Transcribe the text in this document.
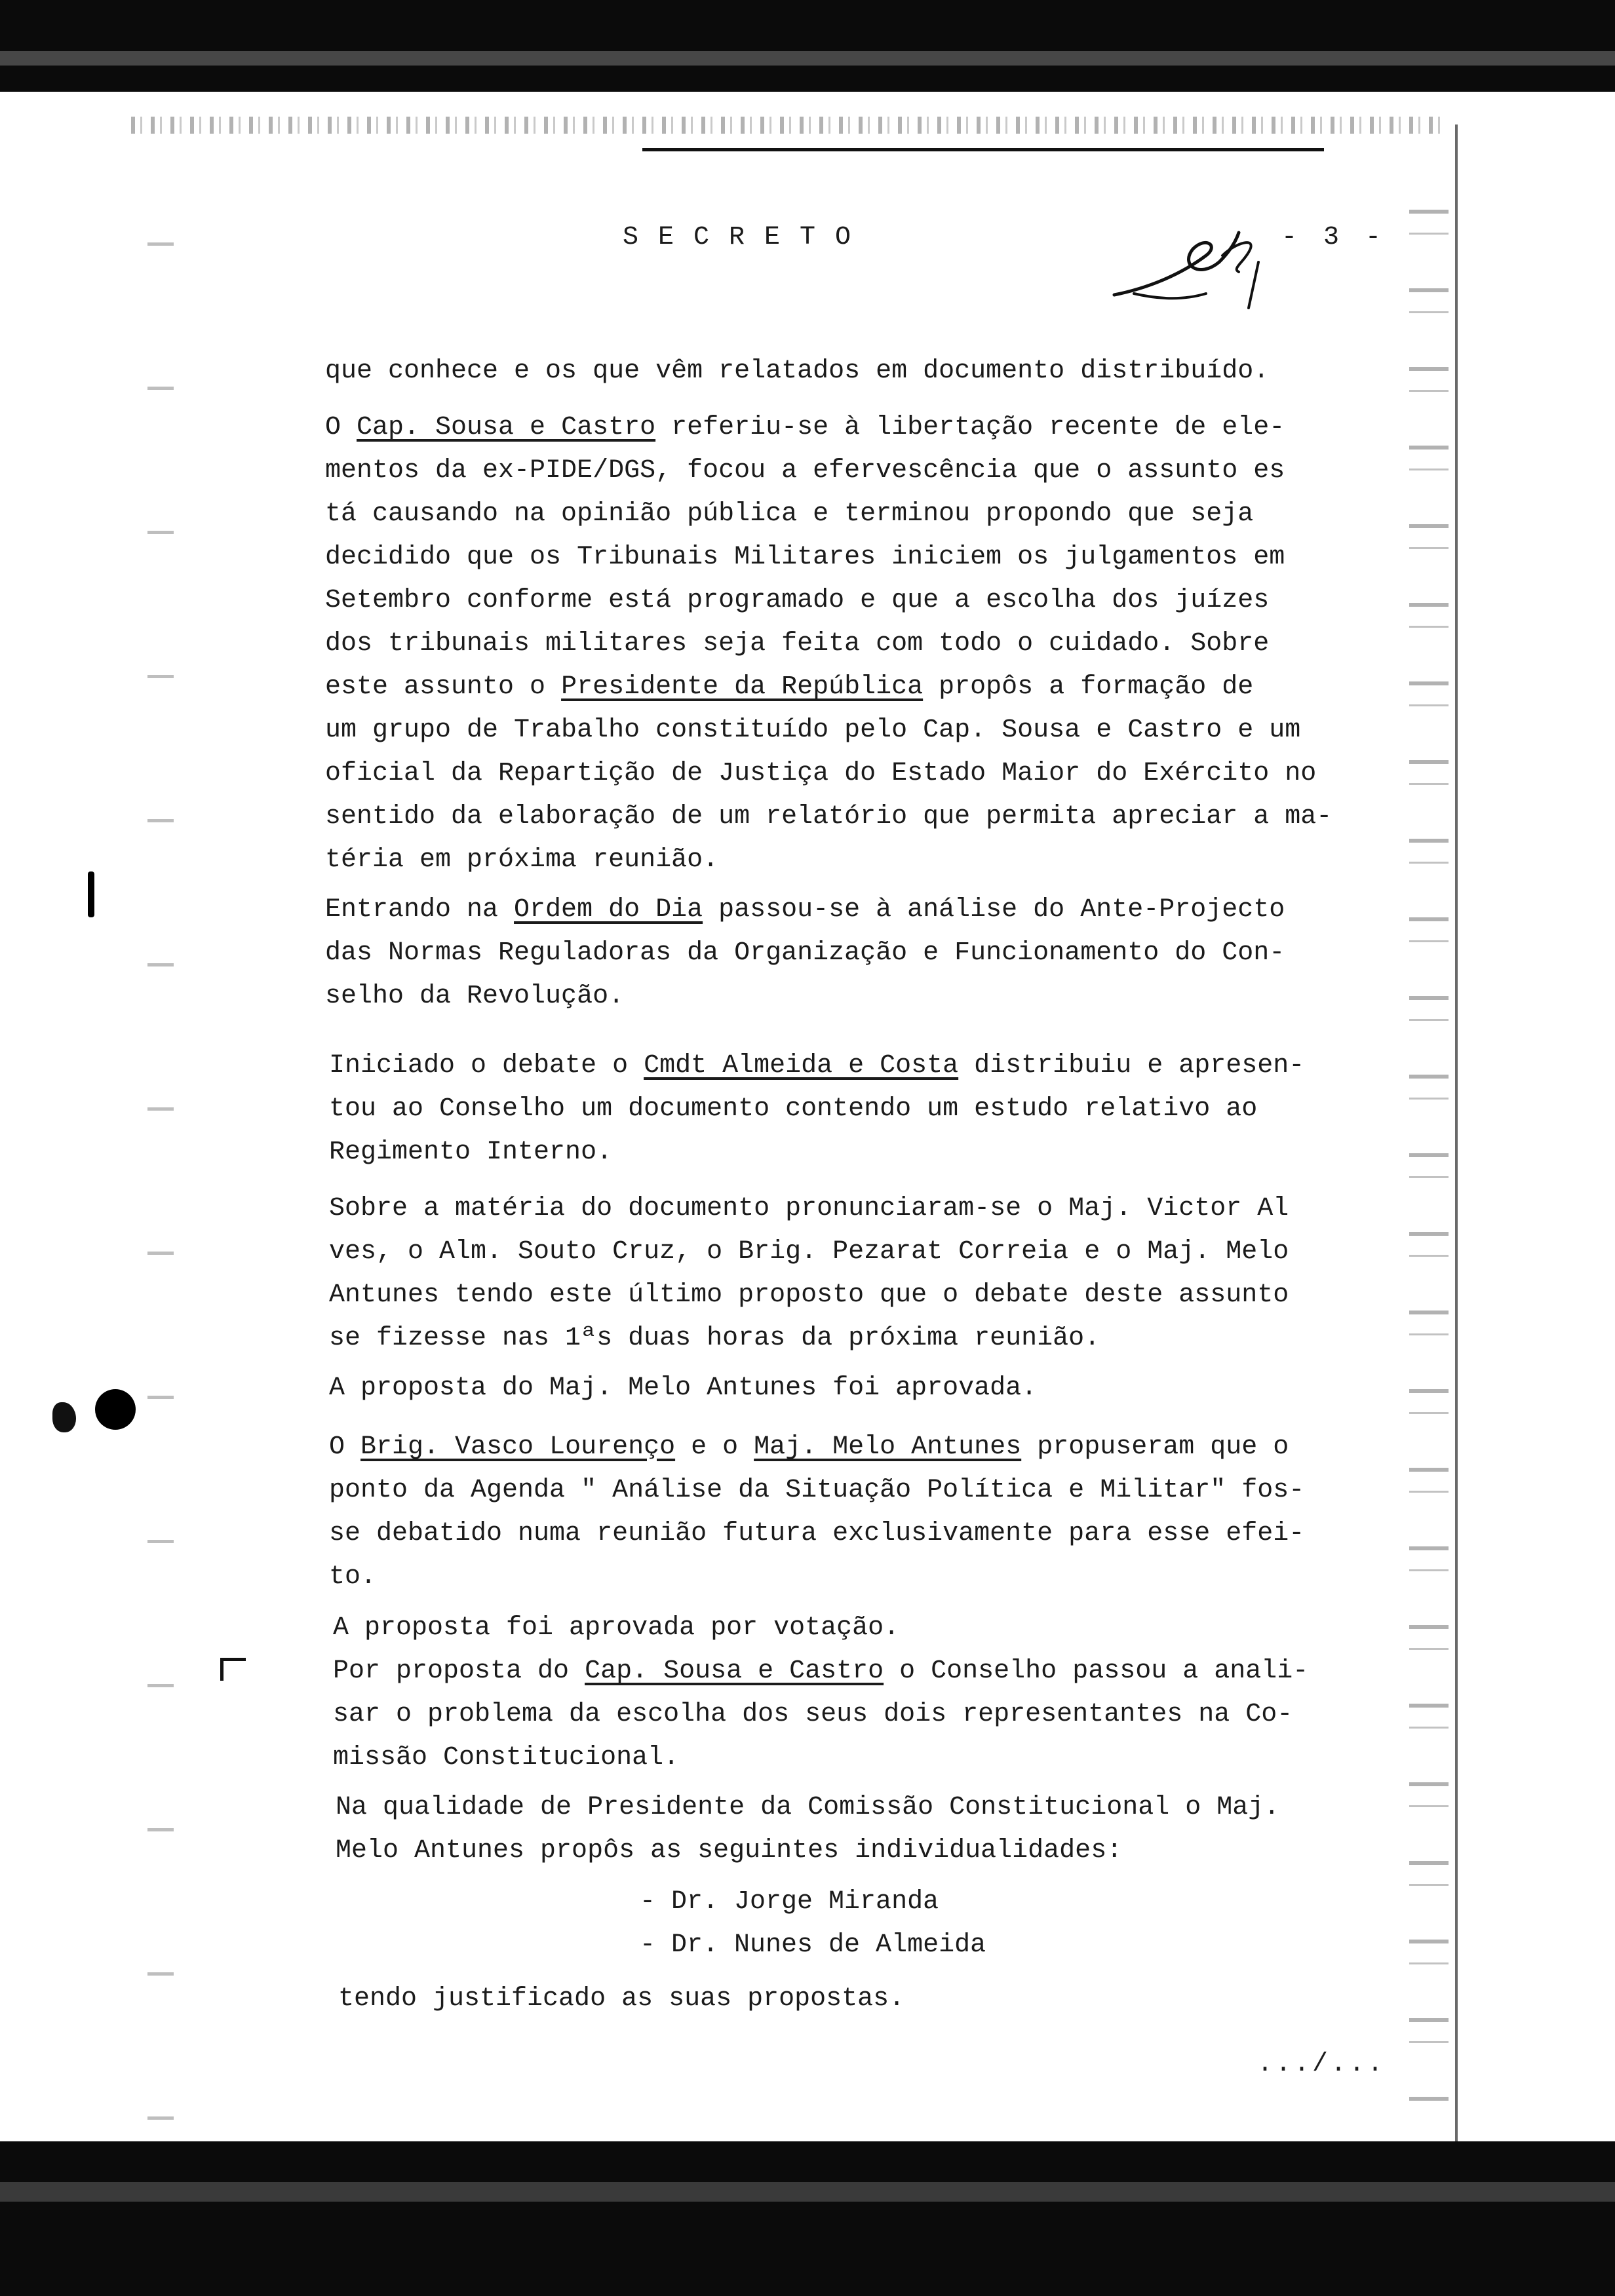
SECRETO	- 3 -
que conhece e os que vêm relatados em documento distribuído.
O Cap. Sousa e Castro referiu-se à libertação recente de ele-
mentos da ex-PIDE/DGS, focou a efervescência que o assunto es
tá causando na opinião pública e terminou propondo que seja
decidido que os Tribunais Militares iniciem os julgamentos em
Setembro conforme está programado e que a escolha dos juízes
dos tribunais militares seja feita com todo o cuidado. Sobre
este assunto o Presidente da República propôs a formação de
um grupo de Trabalho constituído pelo Cap. Sousa e Castro e um
oficial da Repartição de Justiça do Estado Maior do Exército no
sentido da elaboração de um relatório que permita apreciar a ma-
téria em próxima reunião.
Entrando na Ordem do Dia passou-se à análise do Ante-Projecto
das Normas Reguladoras da Organização e Funcionamento do Con-
selho da Revolução.
Iniciado o debate o Cmdt Almeida e Costa distribuiu e apresen-
tou ao Conselho um documento contendo um estudo relativo ao
Regimento Interno.
Sobre a matéria do documento pronunciaram-se o Maj. Victor Al
ves, o Alm. Souto Cruz, o Brig. Pezarat Correia e o Maj. Melo
Antunes tendo este último proposto que o debate deste assunto
se fizesse nas 1ªs duas horas da próxima reunião.
A proposta do Maj. Melo Antunes foi aprovada.
O Brig. Vasco Lourenço e o Maj. Melo Antunes propuseram que o
ponto da Agenda " Análise da Situação Política e Militar" fos-
se debatido numa reunião futura exclusivamente para esse efei-
to.
A proposta foi aprovada por votação.
Por proposta do Cap. Sousa e Castro o Conselho passou a anali-
sar o problema da escolha dos seus dois representantes na Co-
missão Constitucional.
Na qualidade de Presidente da Comissão Constitucional o Maj.
Melo Antunes propôs as seguintes individualidades:
- Dr. Jorge Miranda
- Dr. Nunes de Almeida
tendo justificado as suas propostas.
.../...
